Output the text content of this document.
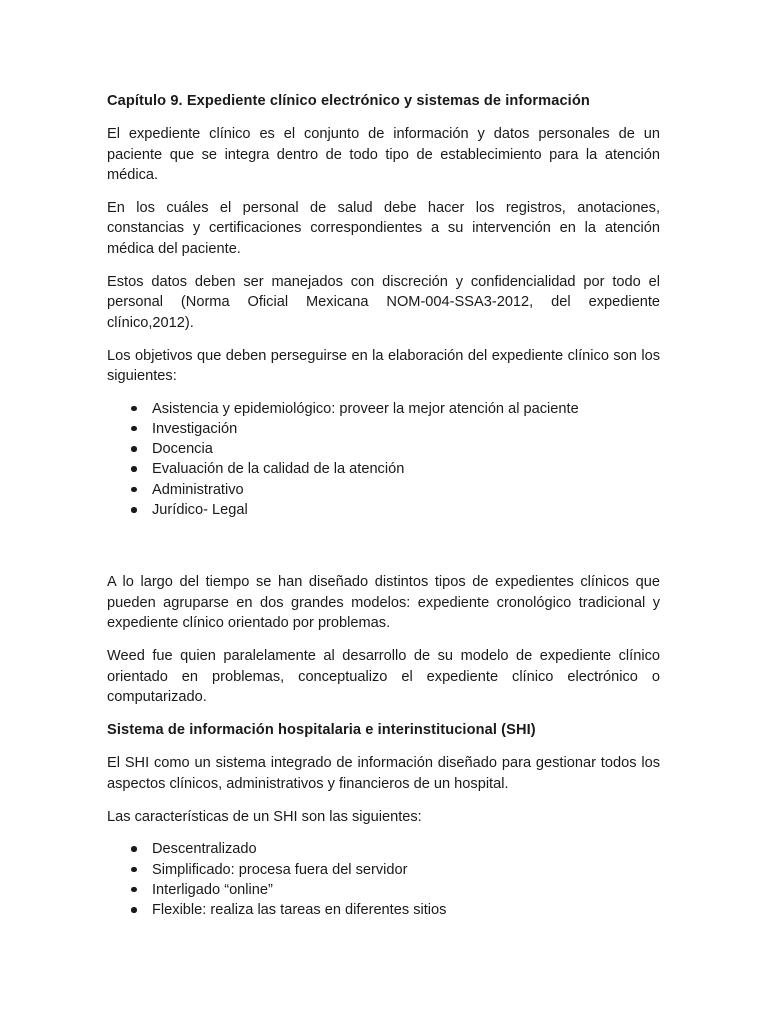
Capítulo 9. Expediente clínico electrónico y sistemas de información

El expediente clínico es el conjunto de información y datos personales de un paciente que se integra dentro de todo tipo de establecimiento para la atención médica.

En los cuáles el personal de salud debe hacer los registros, anotaciones, constancias y certificaciones correspondientes a su intervención en la atención médica del paciente.

Estos datos deben ser manejados con discreción y confidencialidad por todo el personal (Norma Oficial Mexicana NOM-004-SSA3-2012, del expediente clínico,2012).

Los objetivos que deben perseguirse en la elaboración del expediente clínico son los siguientes:

Asistencia y epidemiológico: proveer la mejor atención al paciente
Investigación
Docencia
Evaluación de la calidad de la atención
Administrativo
Jurídico- Legal

A lo largo del tiempo se han diseñado distintos tipos de expedientes clínicos que pueden agruparse en dos grandes modelos: expediente cronológico tradicional y expediente clínico orientado por problemas.

Weed fue quien paralelamente al desarrollo de su modelo de expediente clínico orientado en problemas, conceptualizo el expediente clínico electrónico o computarizado.

Sistema de información hospitalaria e interinstitucional (SHI)

El SHI como un sistema integrado de información diseñado para gestionar todos los aspectos clínicos, administrativos y financieros de un hospital.

Las características de un SHI son las siguientes:

Descentralizado
Simplificado: procesa fuera del servidor
Interligado “online”
Flexible: realiza las tareas en diferentes sitios
